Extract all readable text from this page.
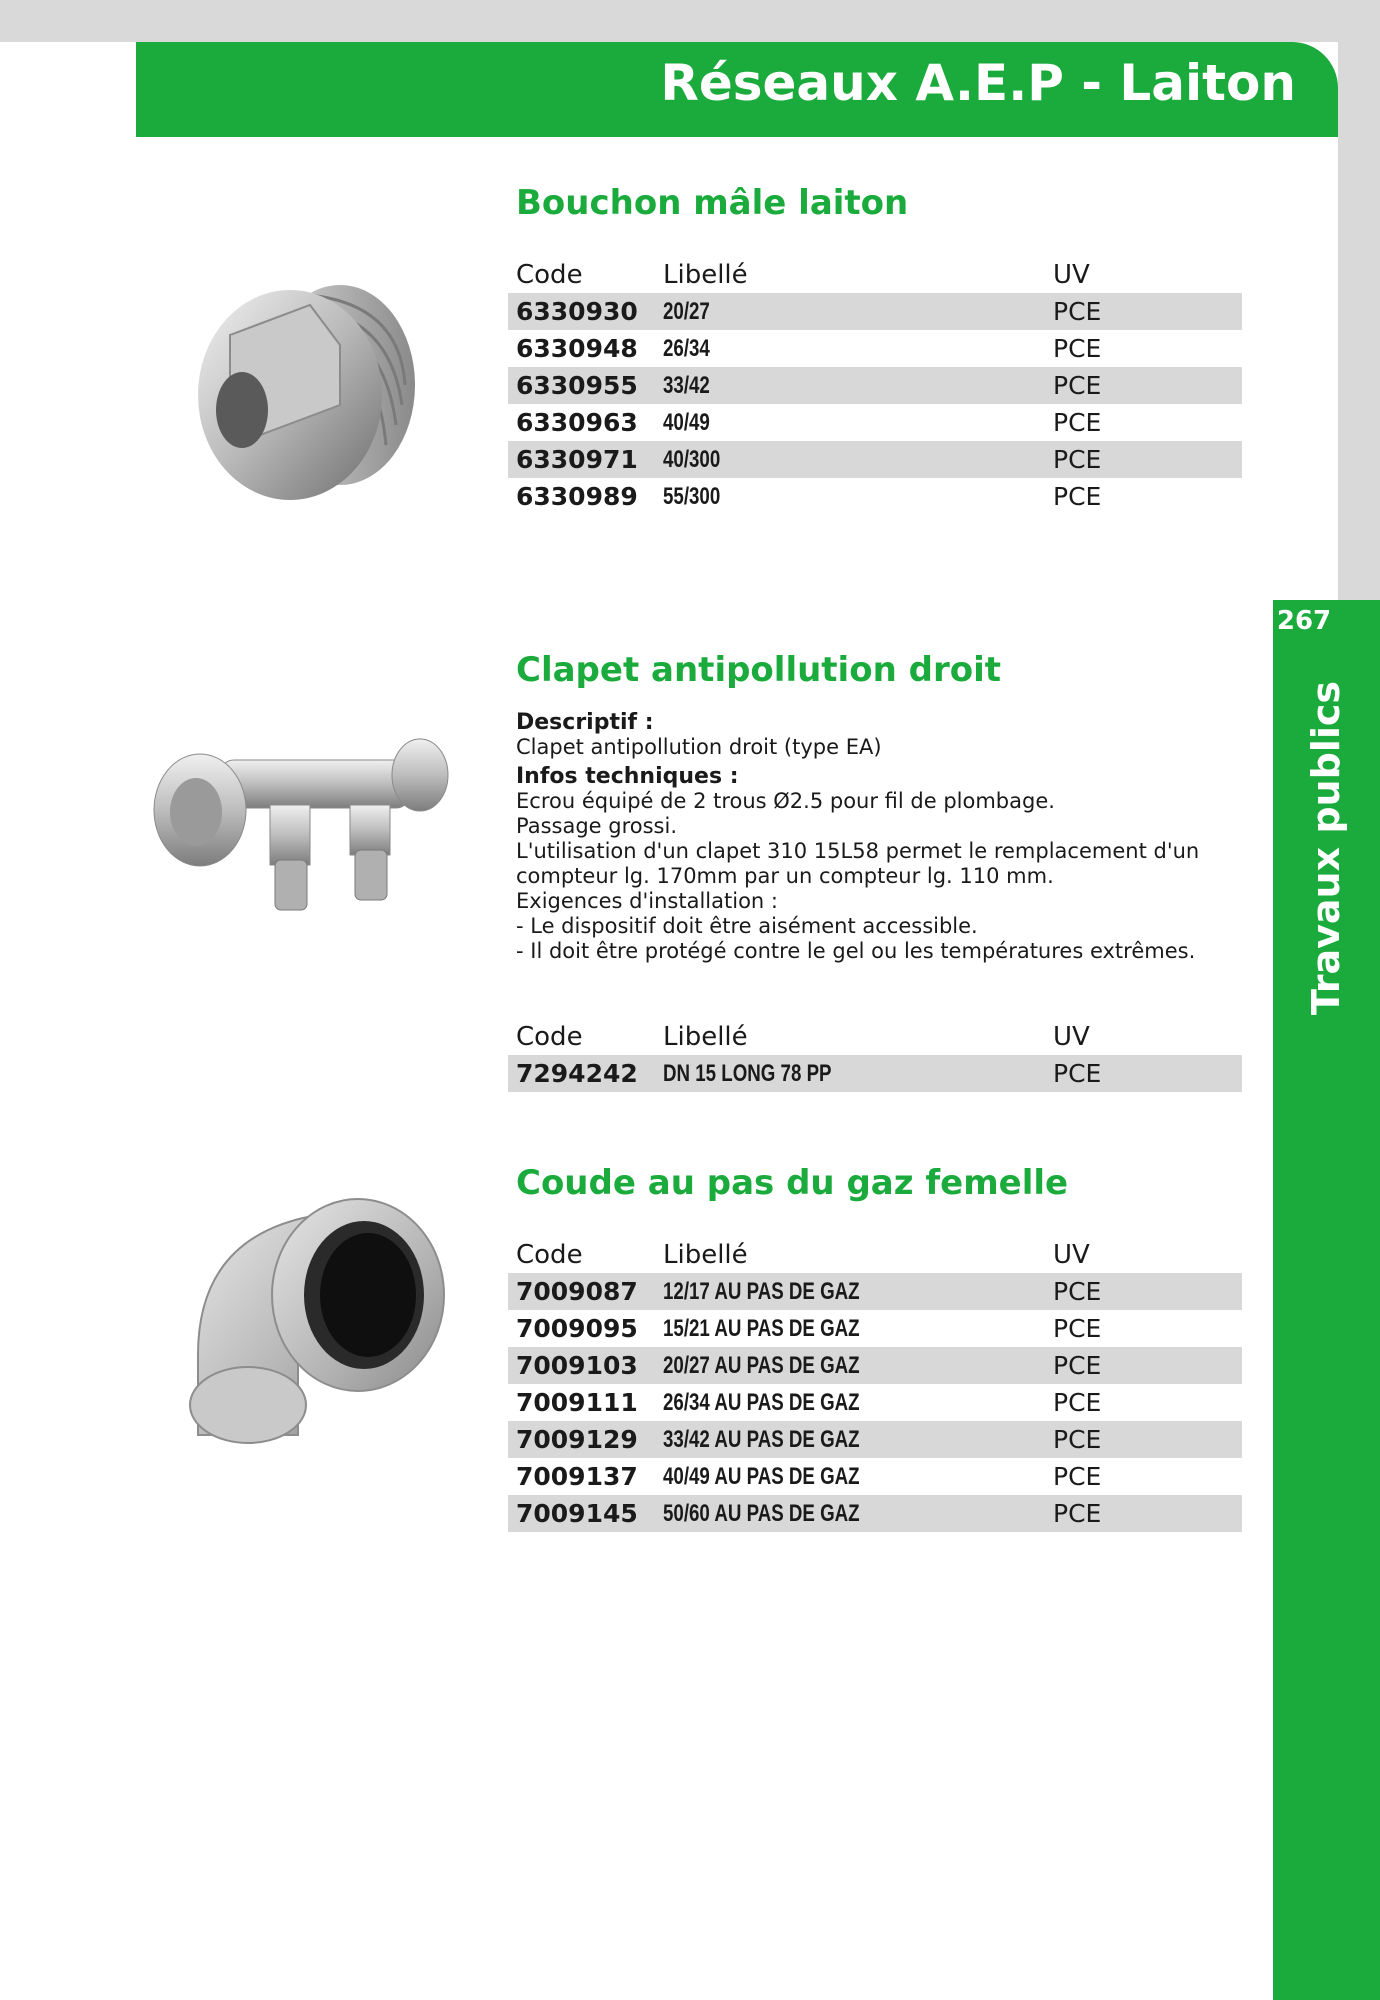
Réseaux A.E.P - Laiton
267
Travaux publics
Bouchon mâle laiton
Code	Libellé	UV
6330930 20/27	PCE
6330948 26/34	PCE
6330955 33/42	PCE
6330963 40/49	PCE
6330971 40/300	PCE
6330989 55/300	PCE
Clapet antipollution droit

Descriptif :

Clapet antipollution droit (type EA)

Infos techniques :

Ecrou équipé de 2 trous Ø2.5 pour fil de plombage.

Passage grossi.

L'utilisation d'un clapet 310 15L58 permet le remplacement d'un

compteur lg. 170mm par un compteur lg. 110 mm.

Exigences d'installation :

- Le dispositif doit être aisément accessible.

- Il doit être protégé contre le gel ou les températures extrêmes.

Code	Libellé	UV
7294242 DN 15 LONG 78 PP	PCE
Coude au pas du gaz femelle
Code	Libellé	UV
7009087 12/17 AU PAS DE GAZ	PCE
7009095 15/21 AU PAS DE GAZ	PCE
7009103 20/27 AU PAS DE GAZ	PCE
7009111 26/34 AU PAS DE GAZ	PCE
7009129 33/42 AU PAS DE GAZ	PCE
7009137 40/49 AU PAS DE GAZ	PCE
7009145 50/60 AU PAS DE GAZ	PCE
